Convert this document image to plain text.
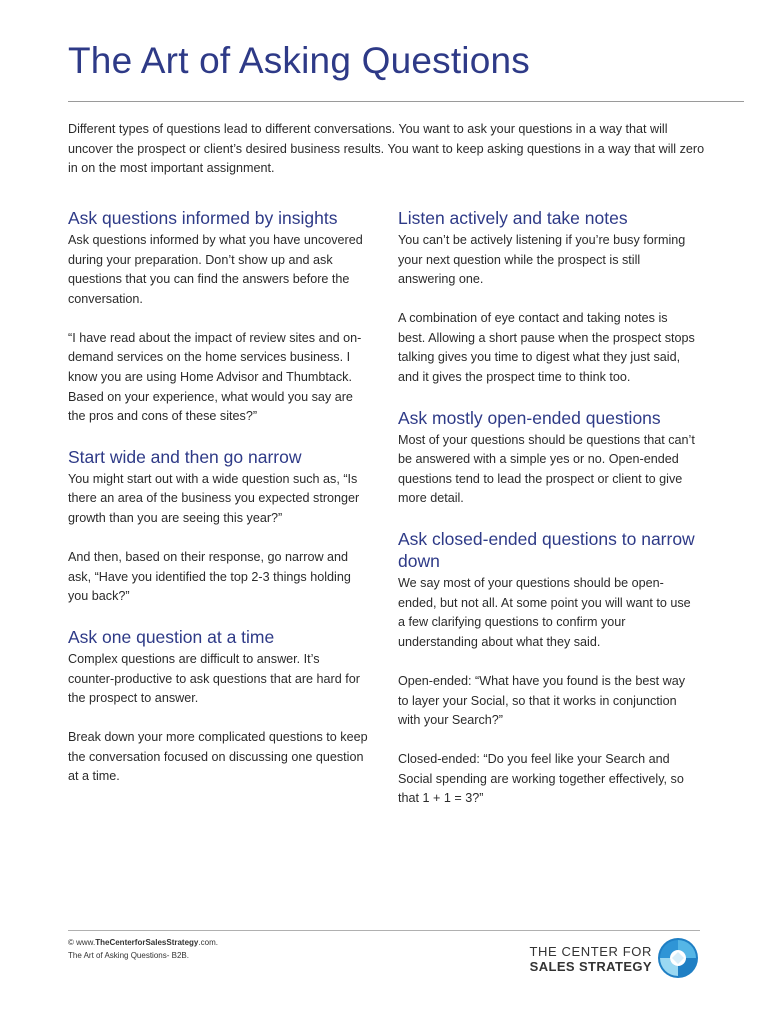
The Art of Asking Questions

Different types of questions lead to different conversations. You want to ask your questions in a way that will uncover the prospect or client’s desired business results. You want to keep asking questions in a way that will zero in on the most important assignment.

Ask questions informed by insights

Ask questions informed by what you have uncovered during your preparation. Don’t show up and ask questions that you can find the answers before the conversation.

“I have read about the impact of review sites and on-demand services on the home services business. I know you are using Home Advisor and Thumbtack. Based on your experience, what would you say are the pros and cons of these sites?”

Start wide and then go narrow

You might start out with a wide question such as, “Is there an area of the business you expected stronger growth than you are seeing this year?”

And then, based on their response, go narrow and ask, “Have you identified the top 2-3 things holding you back?”

Ask one question at a time

Complex questions are difficult to answer. It’s counter-productive to ask questions that are hard for the prospect to answer.

Break down your more complicated questions to keep the conversation focused on discussing one question at a time.

Listen actively and take notes

You can’t be actively listening if you’re busy forming your next question while the prospect is still answering one.

A combination of eye contact and taking notes is best. Allowing a short pause when the prospect stops talking gives you time to digest what they just said, and it gives the prospect time to think too.

Ask mostly open-ended questions

Most of your questions should be questions that can’t be answered with a simple yes or no. Open-ended questions tend to lead the prospect or client to give more detail.

Ask closed-ended questions to narrow down

We say most of your questions should be open-ended, but not all. At some point you will want to use a few clarifying questions to confirm your understanding about what they said.

Open-ended: “What have you found is the best way to layer your Social, so that it works in conjunction with your Search?”

Closed-ended: “Do you feel like your Search and Social spending are working together effectively, so that 1 + 1 = 3?”

© www.TheCenterforSalesStrategy.com.
The Art of Asking Questions- B2B.	THE CENTER FOR
SALES STRATEGY
